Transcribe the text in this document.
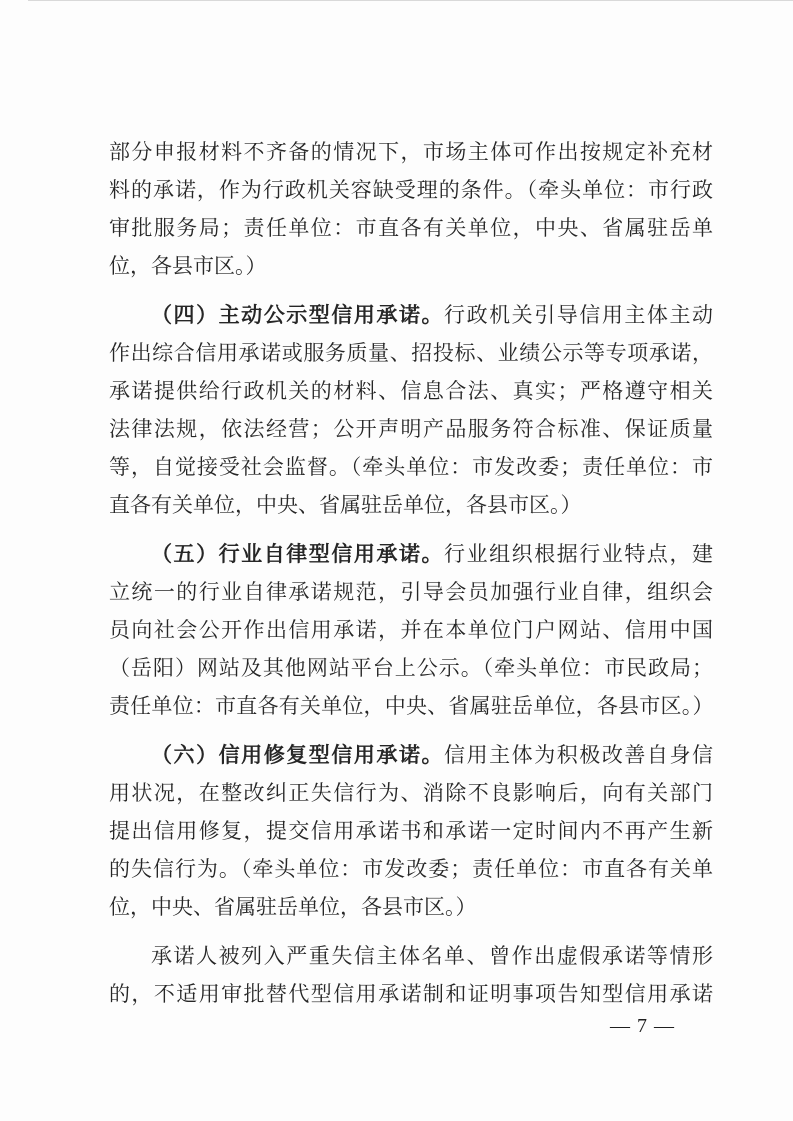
部分申报材料不齐备的情况下，市场主体可作出按规定补充材
料的承诺，作为行政机关容缺受理的条件。（牵头单位：市行政
审批服务局；责任单位：市直各有关单位，中央、省属驻岳单
位，各县市区。）
（四）主动公示型信用承诺。行政机关引导信用主体主动
作出综合信用承诺或服务质量、招投标、业绩公示等专项承诺，
承诺提供给行政机关的材料、信息合法、真实；严格遵守相关
法律法规，依法经营；公开声明产品服务符合标准、保证质量
等，自觉接受社会监督。（牵头单位：市发改委；责任单位：市
直各有关单位，中央、省属驻岳单位，各县市区。）
（五）行业自律型信用承诺。行业组织根据行业特点，建
立统一的行业自律承诺规范，引导会员加强行业自律，组织会
员向社会公开作出信用承诺，并在本单位门户网站、信用中国
（岳阳）网站及其他网站平台上公示。（牵头单位：市民政局；
责任单位：市直各有关单位，中央、省属驻岳单位，各县市区。）
（六）信用修复型信用承诺。信用主体为积极改善自身信
用状况，在整改纠正失信行为、消除不良影响后，向有关部门
提出信用修复，提交信用承诺书和承诺一定时间内不再产生新
的失信行为。（牵头单位：市发改委；责任单位：市直各有关单
位，中央、省属驻岳单位，各县市区。）
承诺人被列入严重失信主体名单、曾作出虚假承诺等情形
的，不适用审批替代型信用承诺制和证明事项告知型信用承诺
— 7 —
